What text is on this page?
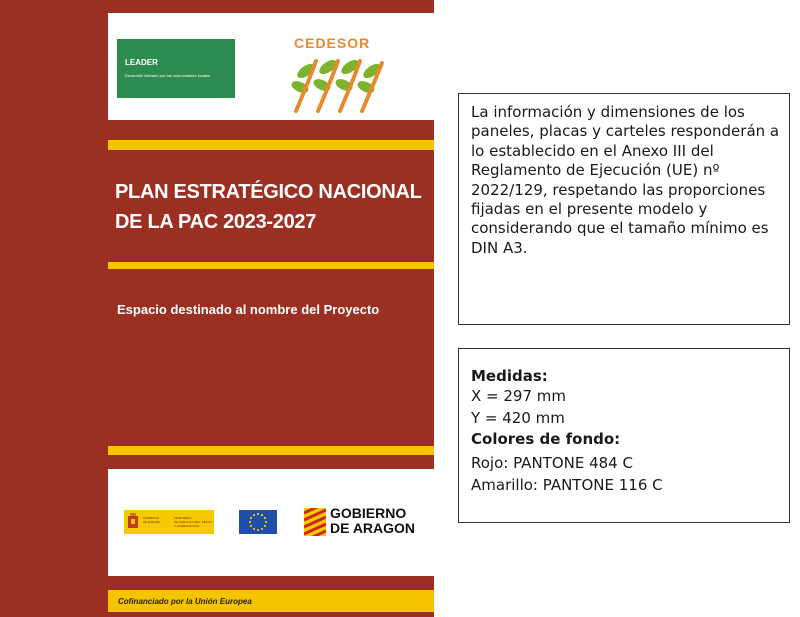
LEADER
Desarrollo liderado por las comunidades locales
CEDESOR
PLAN ESTRATÉGICO NACIONAL
DE LA PAC 2023-2027
Espacio destinado al nombre del Proyecto
GOBIERNO
DE ESPAÑA
MINISTERIO
DE AGRICULTURA, PESCA
Y ALIMENTACIÓN
GOBIERNO
DE ARAGON
Cofinanciado por la Unión Europea
La información y dimensiones de los paneles, placas y carteles responderán a lo establecido en el Anexo III del Reglamento de Ejecución (UE) nº 2022/129, respetando las proporciones fijadas en el presente modelo y considerando que el tamaño mínimo es DIN A3.
Medidas:
X = 297 mm
Y = 420 mm
Colores de fondo:
Rojo: PANTONE 484 C
Amarillo: PANTONE 116 C
